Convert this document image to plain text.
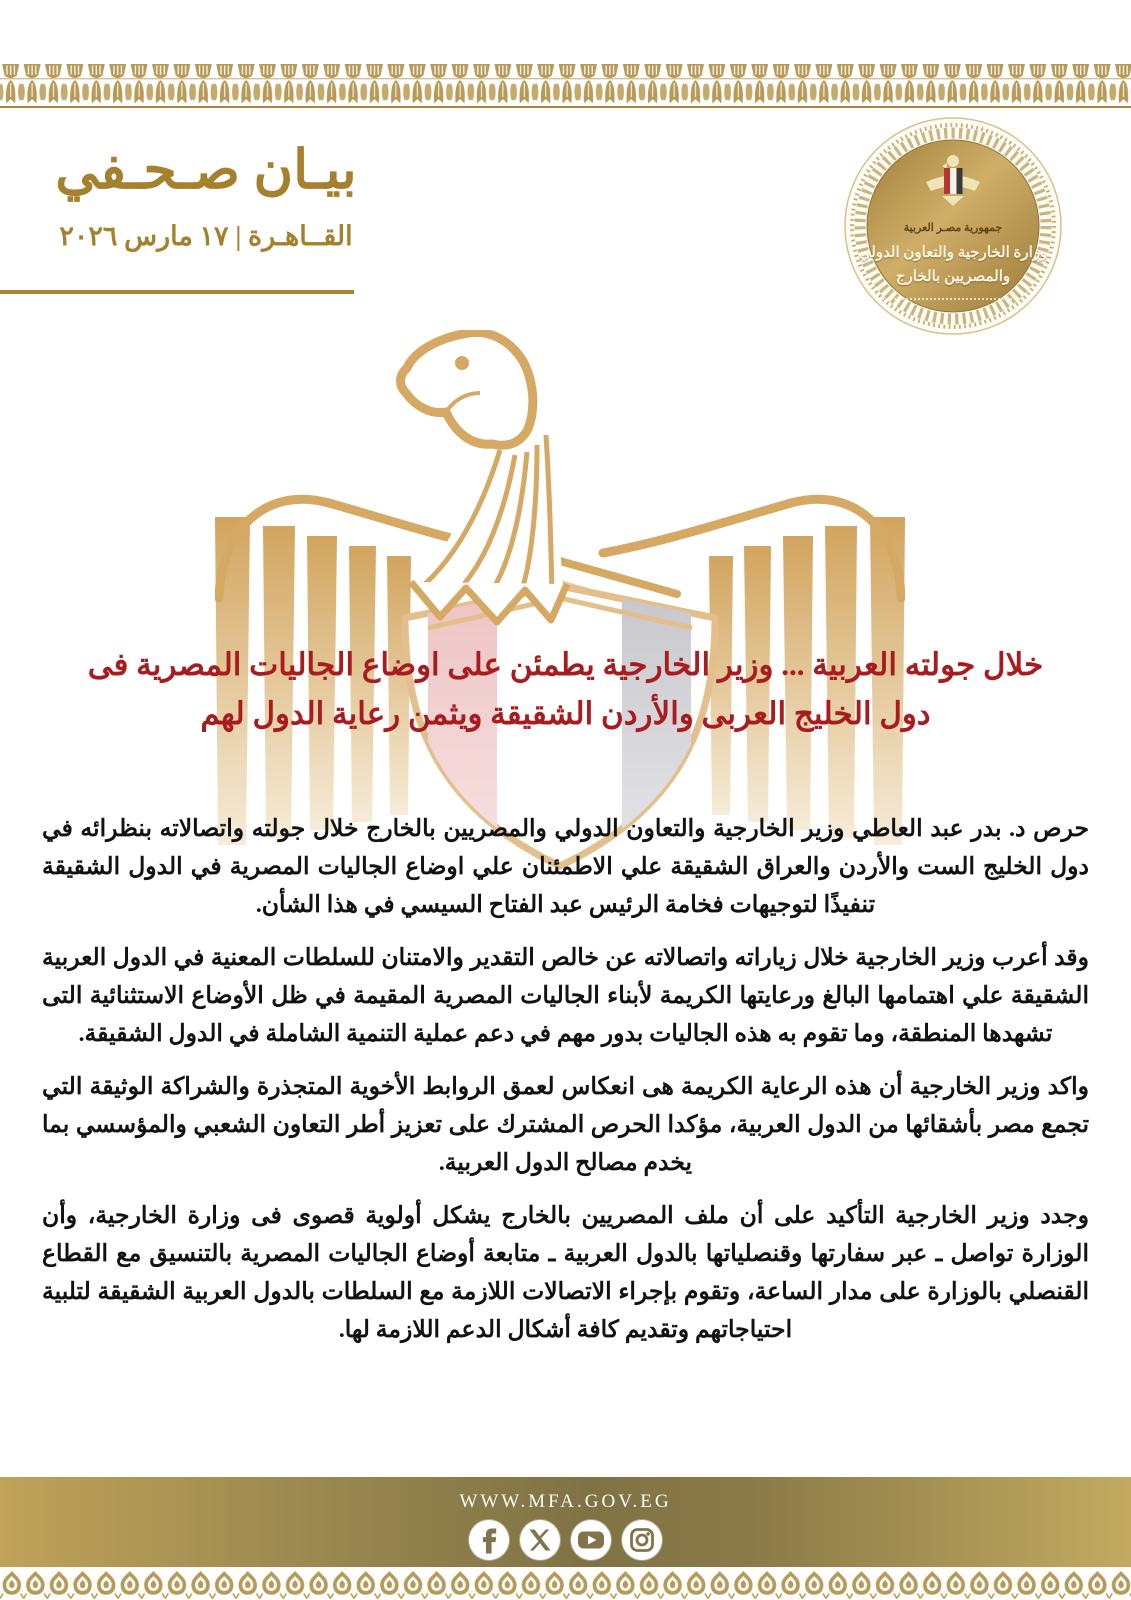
بيـان صـحـفي
القــاهـرة | ١٧ مارس ٢٠٢٦	جمهورية مصـر العربية
وزارة الخارجية والتعاون الدولي
والمصريين بالخارج
خلال جولته العربية ... وزير الخارجية يطمئن على اوضاع الجاليات المصرية فى
دول الخليج العربى والأردن الشقيقة ويثمن رعاية الدول لهم

حرص د. بدر عبد العاطي وزير الخارجية والتعاون الدولي والمصريين بالخارج خلال جولته واتصالاته بنظرائه في دول الخليج الست والأردن والعراق الشقيقة علي الاطمئنان علي اوضاع الجاليات المصرية في الدول الشقيقة تنفيذًا لتوجيهات فخامة الرئيس عبد الفتاح السيسي في هذا الشأن.

وقد أعرب وزير الخارجية خلال زياراته واتصالاته عن خالص التقدير والامتنان للسلطات المعنية في الدول العربية الشقيقة علي اهتمامها البالغ ورعايتها الكريمة لأبناء الجاليات المصرية المقيمة في ظل الأوضاع الاستثنائية التى تشهدها المنطقة، وما تقوم به هذه الجاليات بدور مهم في دعم عملية التنمية الشاملة في الدول الشقيقة.

واكد وزير الخارجية أن هذه الرعاية الكريمة هى انعكاس لعمق الروابط الأخوية المتجذرة والشراكة الوثيقة التي تجمع مصر بأشقائها من الدول العربية، مؤكدا الحرص المشترك على تعزيز أطر التعاون الشعبي والمؤسسي بما يخدم مصالح الدول العربية.

وجدد وزير الخارجية التأكيد على أن ملف المصريين بالخارج يشكل أولوية قصوى فى وزارة الخارجية، وأن الوزارة تواصل ـ عبر سفارتها وقنصلياتها بالدول العربية ـ متابعة أوضاع الجاليات المصرية بالتنسيق مع القطاع القنصلي بالوزارة على مدار الساعة، وتقوم بإجراء الاتصالات اللازمة مع السلطات بالدول العربية الشقيقة لتلبية احتياجاتهم وتقديم كافة أشكال الدعم اللازمة لها.

WWW.MFA.GOV.EG
